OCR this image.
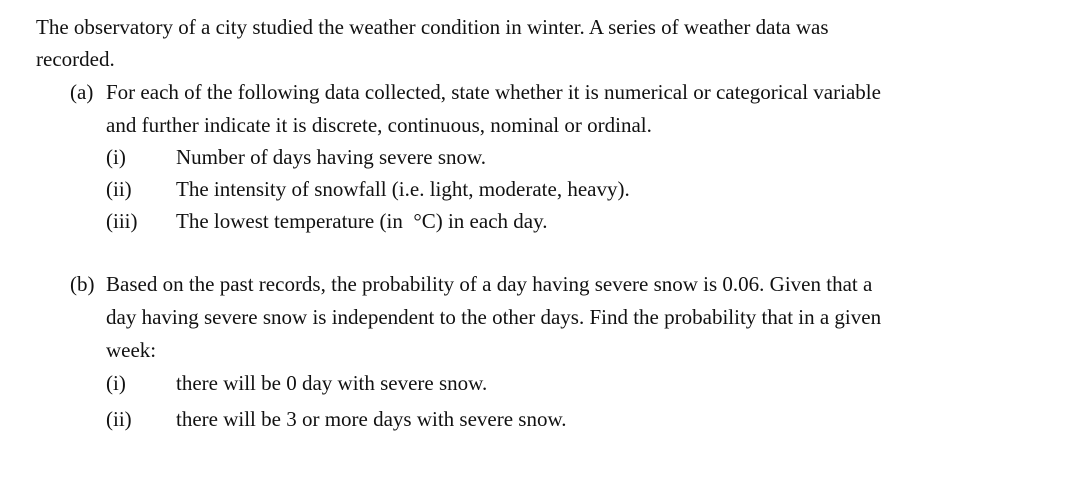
The observatory of a city studied the weather condition in winter. A series of weather data was
recorded.
(a) For each of the following data collected, state whether it is numerical or categorical variable
and further indicate it is discrete, continuous, nominal or ordinal.
(i) Number of days having severe snow.
(ii) The intensity of snowfall (i.e. light, moderate, heavy).
(iii) The lowest temperature (in  °C) in each day.
(b) Based on the past records, the probability of a day having severe snow is 0.06. Given that a
day having severe snow is independent to the other days. Find the probability that in a given
week:
(i) there will be 0 day with severe snow.
(ii) there will be 3 or more days with severe snow.
